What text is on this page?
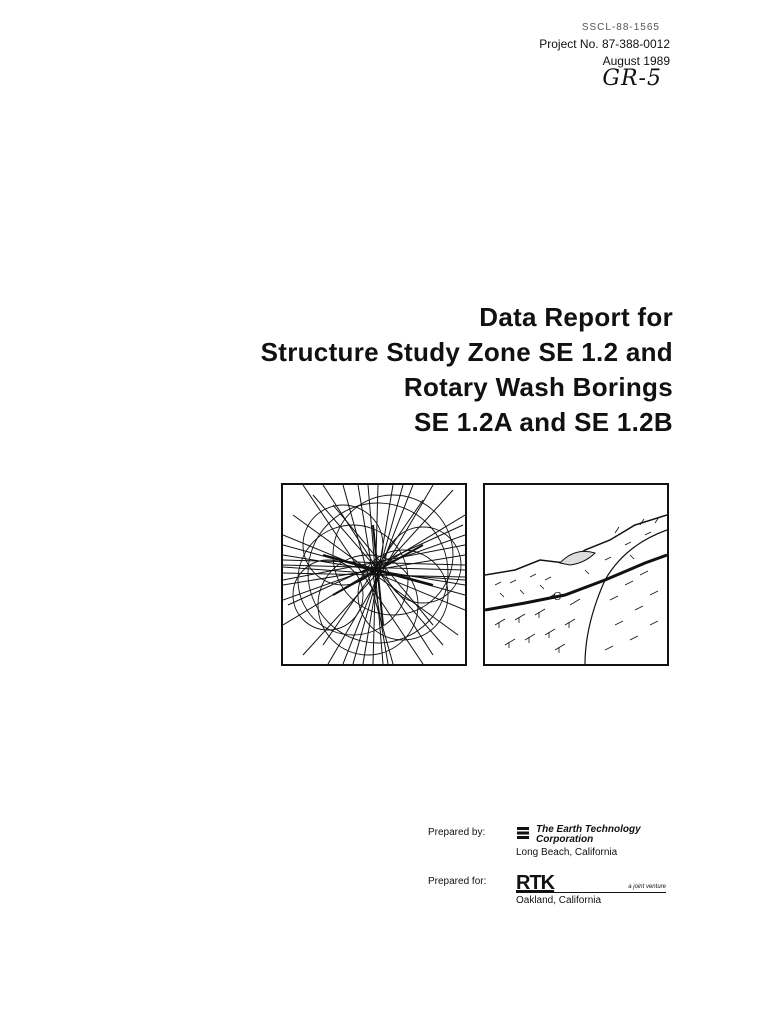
SSCL-88-1565
Project No. 87-388-0012
August 1989
GR-5
Data Report for
Structure Study Zone SE 1.2 and
Rotary Wash Borings
SE 1.2A and SE 1.2B
C
Prepared by:	The Earth Technology
Corporation
Long Beach, California
Prepared for:	RTK	a joint venture
Oakland, California
